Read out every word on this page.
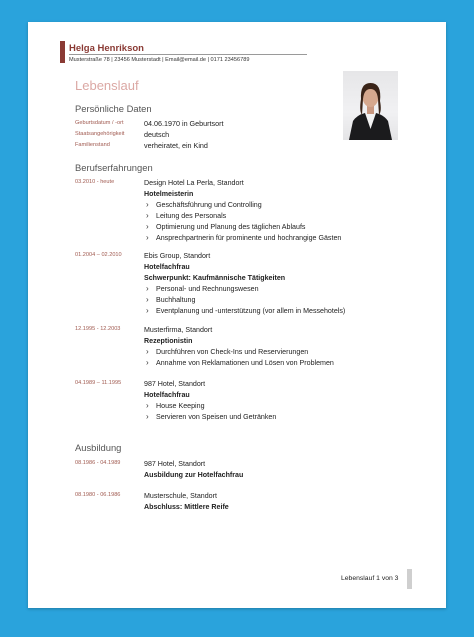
Helga Henrikson
Musterstraße 78 | 23456 Musterstadt | Email@email.de | 0171 23456789
Lebenslauf
Persönliche Daten
Geburtsdatum / -ort	04.06.1970 in Geburtsort
Staatsangehörigkeit	deutsch
Familienstand	verheiratet, ein Kind
Berufserfahrungen
03.2010 - heute	Design Hotel La Perla, Standort
Hotelmeisterin
› Geschäftsführung und Controlling
› Leitung des Personals
› Optimierung und Planung des täglichen Ablaufs
› Ansprechpartnerin für prominente und hochrangige Gästen
01.2004 – 02.2010	Ebis Group, Standort
Hotelfachfrau
Schwerpunkt: Kaufmännische Tätigkeiten
› Personal- und Rechnungswesen
› Buchhaltung
› Eventplanung und -unterstützung (vor allem in Messehotels)
12.1995 - 12.2003	Musterfirma, Standort
Rezeptionistin
› Durchführen von Check-Ins und Reservierungen
› Annahme von Reklamationen und Lösen von Problemen
04.1989 – 11.1995	987 Hotel, Standort
Hotelfachfrau
› House Keeping
› Servieren von Speisen und Getränken
Ausbildung
08.1986 - 04.1989	987 Hotel, Standort
Ausbildung zur Hotelfachfrau
08.1980 - 06.1986	Musterschule, Standort
Abschluss: Mittlere Reife
Lebenslauf 1 von 3
